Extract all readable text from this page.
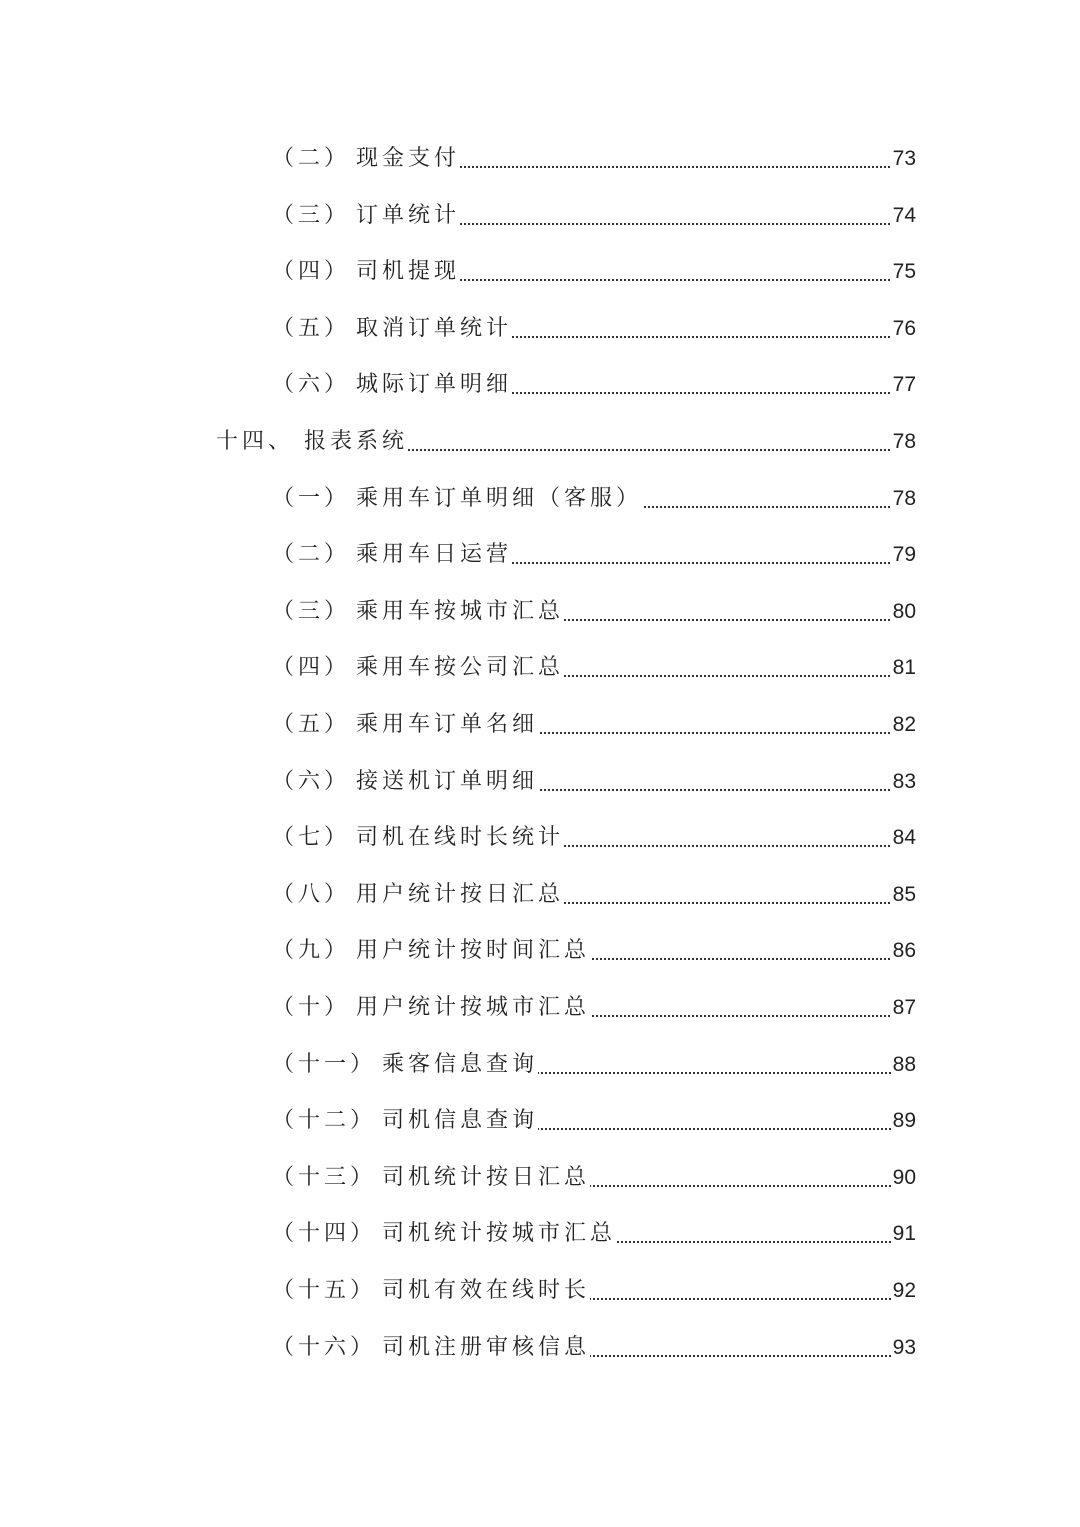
（二） 现金支付	73
（三） 订单统计	74
（四） 司机提现	75
（五） 取消订单统计	76
（六） 城际订单明细	77
十四、 报表系统	78
（一） 乘用车订单明细（客服）	78
（二） 乘用车日运营	79
（三） 乘用车按城市汇总	80
（四） 乘用车按公司汇总	81
（五） 乘用车订单名细	82
（六） 接送机订单明细	83
（七） 司机在线时长统计	84
（八） 用户统计按日汇总	85
（九） 用户统计按时间汇总	86
（十） 用户统计按城市汇总	87
（十一） 乘客信息查询	88
（十二） 司机信息查询	89
（十三） 司机统计按日汇总	90
（十四） 司机统计按城市汇总	91
（十五） 司机有效在线时长	92
（十六） 司机注册审核信息	93
